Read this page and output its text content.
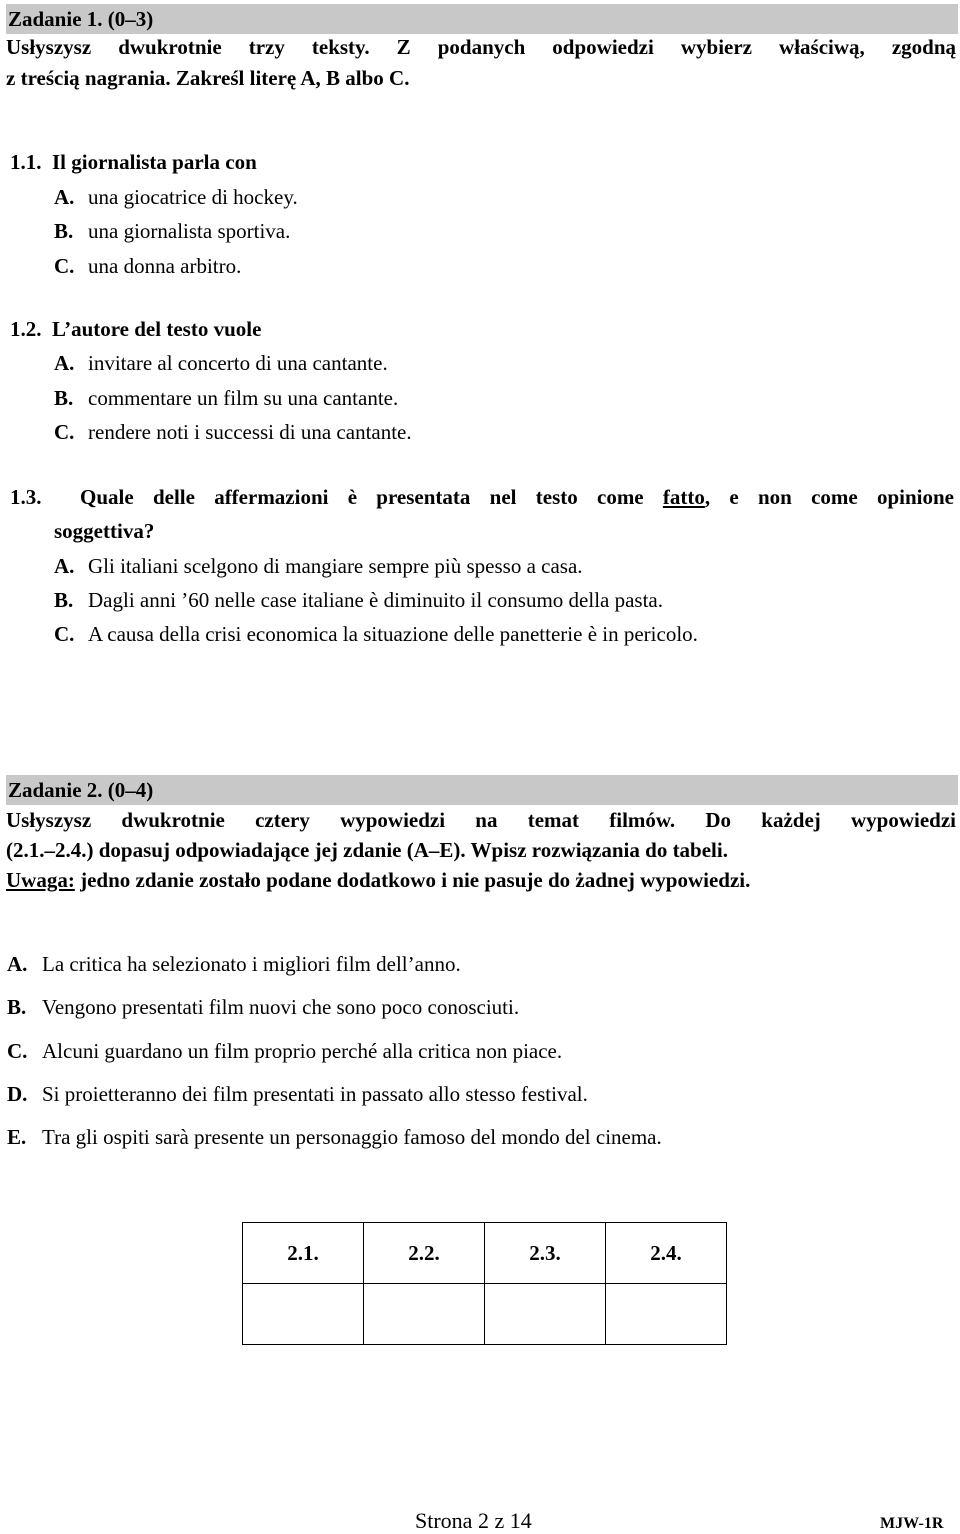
Zadanie 1. (0–3)
Usłyszysz dwukrotnie trzy teksty. Z podanych odpowiedzi wybierz właściwą, zgodną
z treścią nagrania. Zakreśl literę A, B albo C.
1.1. Il giornalista parla con
A. una giocatrice di hockey.
B. una giornalista sportiva.
C. una donna arbitro.
1.2. L’autore del testo vuole
A. invitare al concerto di una cantante.
B. commentare un film su una cantante.
C. rendere noti i successi di una cantante.
1.3. Quale delle affermazioni è presentata nel testo come fatto, e non come opinione
soggettiva?
A. Gli italiani scelgono di mangiare sempre più spesso a casa.
B. Dagli anni ’60 nelle case italiane è diminuito il consumo della pasta.
C. A causa della crisi economica la situazione delle panetterie è in pericolo.
Zadanie 2. (0–4)
Usłyszysz dwukrotnie cztery wypowiedzi na temat filmów. Do każdej wypowiedzi
(2.1.–2.4.) dopasuj odpowiadające jej zdanie (A–E). Wpisz rozwiązania do tabeli.
Uwaga: jedno zdanie zostało podane dodatkowo i nie pasuje do żadnej wypowiedzi.
A. La critica ha selezionato i migliori film dell’anno.
B. Vengono presentati film nuovi che sono poco conosciuti.
C. Alcuni guardano un film proprio perché alla critica non piace.
D. Si proietteranno dei film presentati in passato allo stesso festival.
E. Tra gli ospiti sarà presente un personaggio famoso del mondo del cinema.
2.1.	2.2.	2.3.	2.4.

Strona 2 z 14	MJW-1R
